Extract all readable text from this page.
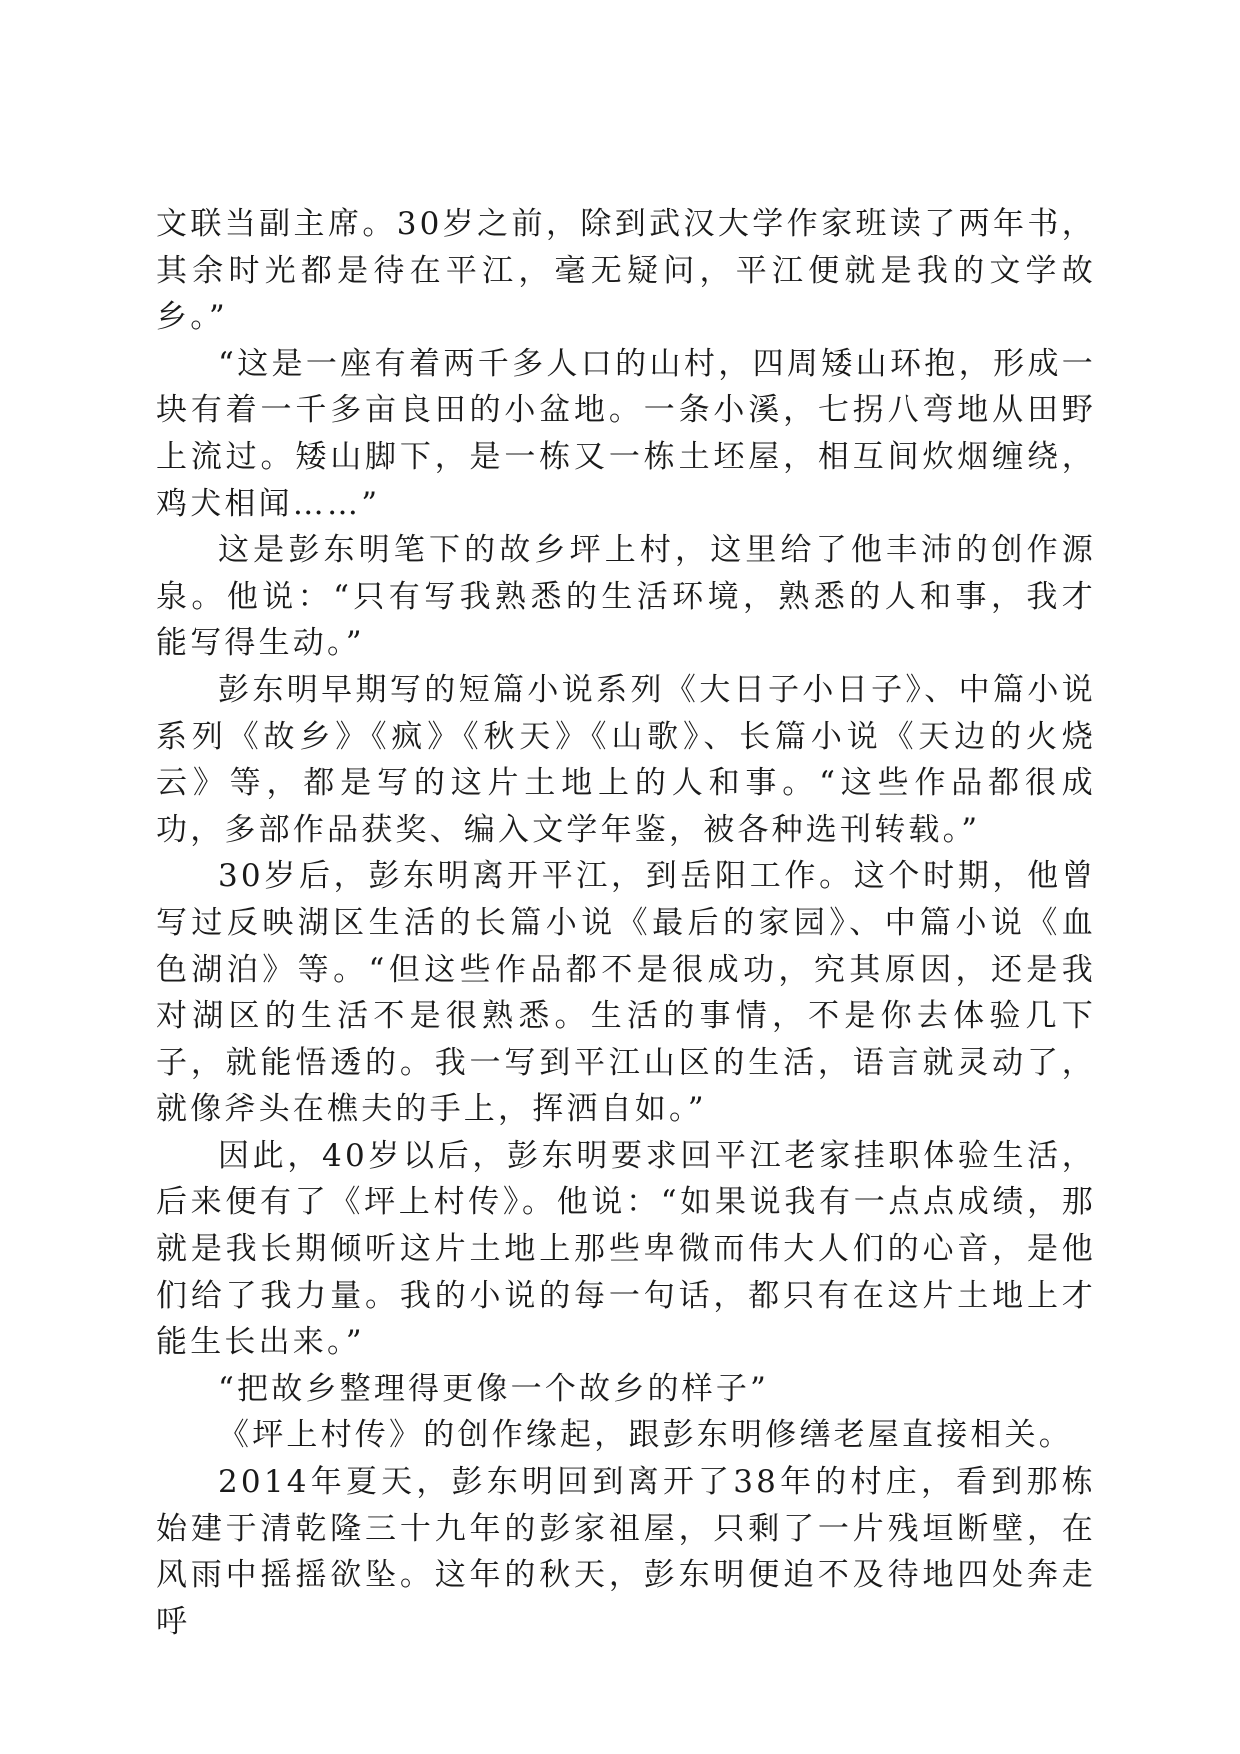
文联当副主席。30岁之前，除到武汉大学作家班读了两年书，其余时光都是待在平江，毫无疑问，平江便就是我的文学故乡。”

“这是一座有着两千多人口的山村，四周矮山环抱，形成一块有着一千多亩良田的小盆地。一条小溪，七拐八弯地从田野上流过。矮山脚下，是一栋又一栋土坯屋，相互间炊烟缠绕，鸡犬相闻……”

这是彭东明笔下的故乡坪上村，这里给了他丰沛的创作源泉。他说：“只有写我熟悉的生活环境，熟悉的人和事，我才能写得生动。”

彭东明早期写的短篇小说系列《大日子小日子》、中篇小说系列《故乡》《疯》《秋天》《山歌》、长篇小说《天边的火烧云》等，都是写的这片土地上的人和事。“这些作品都很成功，多部作品获奖、编入文学年鉴，被各种选刊转载。”

30岁后，彭东明离开平江，到岳阳工作。这个时期，他曾写过反映湖区生活的长篇小说《最后的家园》、中篇小说《血色湖泊》等。“但这些作品都不是很成功，究其原因，还是我对湖区的生活不是很熟悉。生活的事情，不是你去体验几下子，就能悟透的。我一写到平江山区的生活，语言就灵动了，就像斧头在樵夫的手上，挥洒自如。”

因此，40岁以后，彭东明要求回平江老家挂职体验生活，后来便有了《坪上村传》。他说：“如果说我有一点点成绩，那就是我长期倾听这片土地上那些卑微而伟大人们的心音，是他们给了我力量。我的小说的每一句话，都只有在这片土地上才能生长出来。”

“把故乡整理得更像一个故乡的样子”

《坪上村传》的创作缘起，跟彭东明修缮老屋直接相关。

2014年夏天，彭东明回到离开了38年的村庄，看到那栋始建于清乾隆三十九年的彭家祖屋，只剩了一片残垣断壁，在风雨中摇摇欲坠。这年的秋天，彭东明便迫不及待地四处奔走呼
